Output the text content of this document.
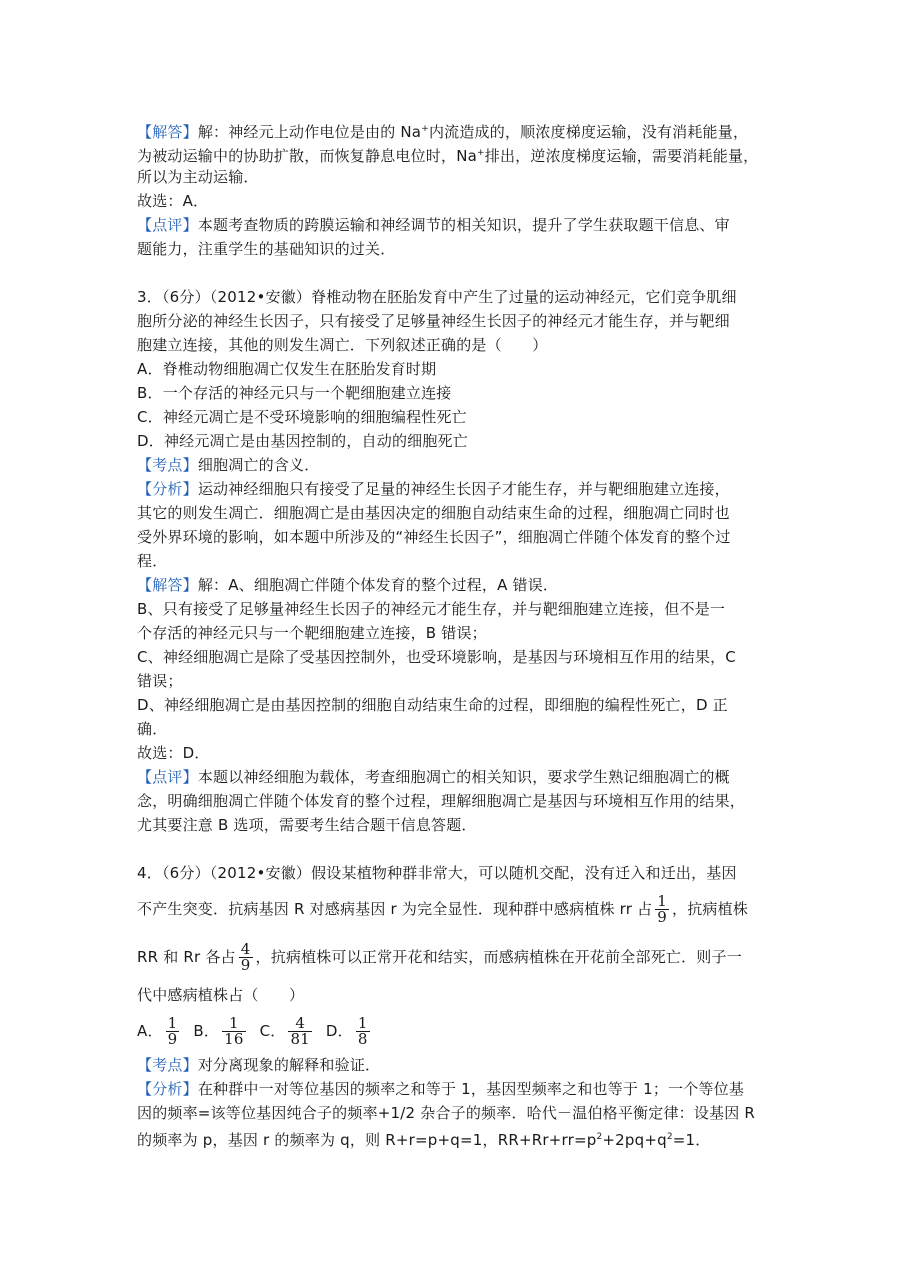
【解答】解：神经元上动作电位是由的 Na+内流造成的，顺浓度梯度运输，没有消耗能量，
为被动运输中的协助扩散，而恢复静息电位时，Na+排出，逆浓度梯度运输，需要消耗能量，
所以为主动运输．
故选：A．
【点评】本题考查物质的跨膜运输和神经调节的相关知识，提升了学生获取题干信息、审
题能力，注重学生的基础知识的过关．
3．（6分）（2012•安徽）脊椎动物在胚胎发育中产生了过量的运动神经元，它们竞争肌细
胞所分泌的神经生长因子，只有接受了足够量神经生长因子的神经元才能生存，并与靶细
胞建立连接，其他的则发生凋亡．下列叙述正确的是（　　）
A．脊椎动物细胞凋亡仅发生在胚胎发育时期
B．一个存活的神经元只与一个靶细胞建立连接
C．神经元凋亡是不受环境影响的细胞编程性死亡
D．神经元凋亡是由基因控制的，自动的细胞死亡
【考点】细胞凋亡的含义．
【分析】运动神经细胞只有接受了足量的神经生长因子才能生存，并与靶细胞建立连接，
其它的则发生凋亡．细胞凋亡是由基因决定的细胞自动结束生命的过程，细胞凋亡同时也
受外界环境的影响，如本题中所涉及的“神经生长因子”，细胞凋亡伴随个体发育的整个过
程．
【解答】解：A、细胞凋亡伴随个体发育的整个过程，A 错误．
B、只有接受了足够量神经生长因子的神经元才能生存，并与靶细胞建立连接，但不是一
个存活的神经元只与一个靶细胞建立连接，B 错误；
C、神经细胞凋亡是除了受基因控制外，也受环境影响，是基因与环境相互作用的结果，C
错误；
D、神经细胞凋亡是由基因控制的细胞自动结束生命的过程，即细胞的编程性死亡，D 正
确．
故选：D．
【点评】本题以神经细胞为载体，考查细胞凋亡的相关知识，要求学生熟记细胞凋亡的概
念，明确细胞凋亡伴随个体发育的整个过程，理解细胞凋亡是基因与环境相互作用的结果，
尤其要注意 B 选项，需要考生结合题干信息答题．
4．（6分）（2012•安徽）假设某植物种群非常大，可以随机交配，没有迁入和迁出，基因
不产生突变．抗病基因 R 对感病基因 r 为完全显性．现种群中感病植株 rr 占 $\frac{1}{9}$ ，抗病植株
RR 和 Rr 各占 $\frac{4}{9}$ ，抗病植株可以正常开花和结实，而感病植株在开花前全部死亡．则子一
代中感病植株占（　　）
A． $\frac{1}{9}$ B． $\frac{1}{16}$ C． $\frac{4}{81}$ D． $\frac{1}{8}$
【考点】对分离现象的解释和验证．
【分析】在种群中一对等位基因的频率之和等于 1，基因型频率之和也等于 1；一个等位基
因的频率=该等位基因纯合子的频率+1/2 杂合子的频率．哈代－温伯格平衡定律：设基因 R
的频率为 p，基因 r 的频率为 q，则 R+r=p+q=1，$RR+Rr+rr=p^2+2pq+q^2=1$．
